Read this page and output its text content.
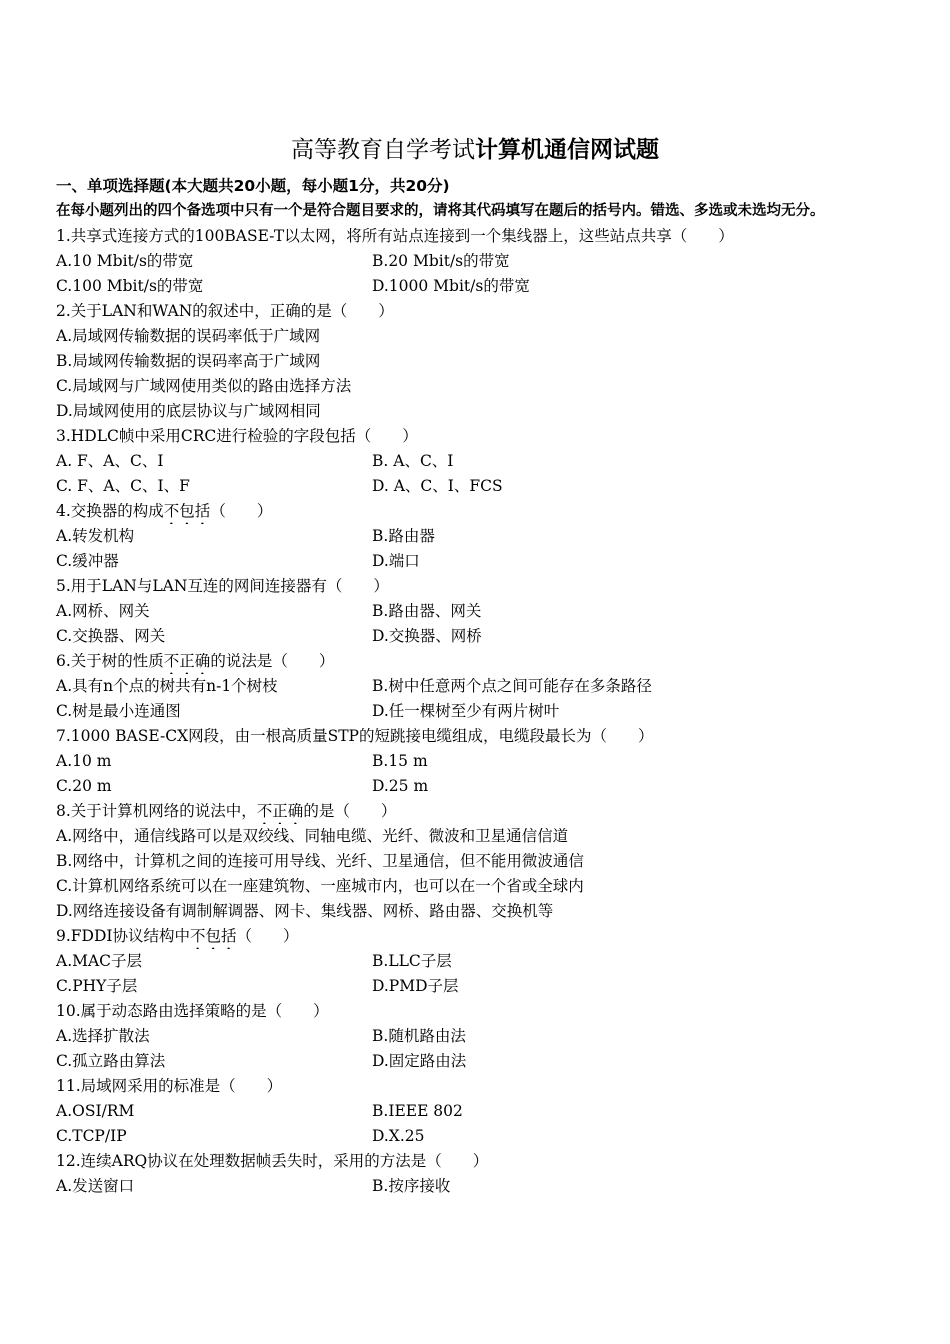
高等教育自学考试计算机通信网试题
一、单项选择题(本大题共20小题，每小题1分，共20分)
在每小题列出的四个备选项中只有一个是符合题目要求的，请将其代码填写在题后的括号内。错选、多选或未选均无分。
1.共享式连接方式的100BASE-T以太网，将所有站点连接到一个集线器上，这些站点共享（　　）
A.10 Mbit/s的带宽	B.20 Mbit/s的带宽
C.100 Mbit/s的带宽	D.1000 Mbit/s的带宽
2.关于LAN和WAN的叙述中，正确的是（　　）
A.局域网传输数据的误码率低于广域网
B.局域网传输数据的误码率高于广域网
C.局域网与广域网使用类似的路由选择方法
D.局域网使用的底层协议与广域网相同
3.HDLC帧中采用CRC进行检验的字段包括（　　）
A. F、A、C、I	B. A、C、I
C. F、A、C、I、F	D. A、C、I、FCS
4.交换器的构成不包括（　　）
A.转发机构	B.路由器
C.缓冲器	D.端口
5.用于LAN与LAN互连的网间连接器有（　　）
A.网桥、网关	B.路由器、网关
C.交换器、网关	D.交换器、网桥
6.关于树的性质不正确的说法是（　　）
A.具有n个点的树共有n-1个树枝	B.树中任意两个点之间可能存在多条路径
C.树是最小连通图	D.任一棵树至少有两片树叶
7.1000 BASE-CX网段，由一根高质量STP的短跳接电缆组成，电缆段最长为（　　）
A.10 m	B.15 m
C.20 m	D.25 m
8.关于计算机网络的说法中，不正确的是（　　）
A.网络中，通信线路可以是双绞线、同轴电缆、光纤、微波和卫星通信信道
B.网络中，计算机之间的连接可用导线、光纤、卫星通信，但不能用微波通信
C.计算机网络系统可以在一座建筑物、一座城市内，也可以在一个省或全球内
D.网络连接设备有调制解调器、网卡、集线器、网桥、路由器、交换机等
9.FDDI协议结构中不包括（　　）
A.MAC子层	B.LLC子层
C.PHY子层	D.PMD子层
10.属于动态路由选择策略的是（　　）
A.选择扩散法	B.随机路由法
C.孤立路由算法	D.固定路由法
11.局域网采用的标准是（　　）
A.OSI/RM	B.IEEE 802
C.TCP/IP	D.X.25
12.连续ARQ协议在处理数据帧丢失时，采用的方法是（　　）
A.发送窗口	B.按序接收
